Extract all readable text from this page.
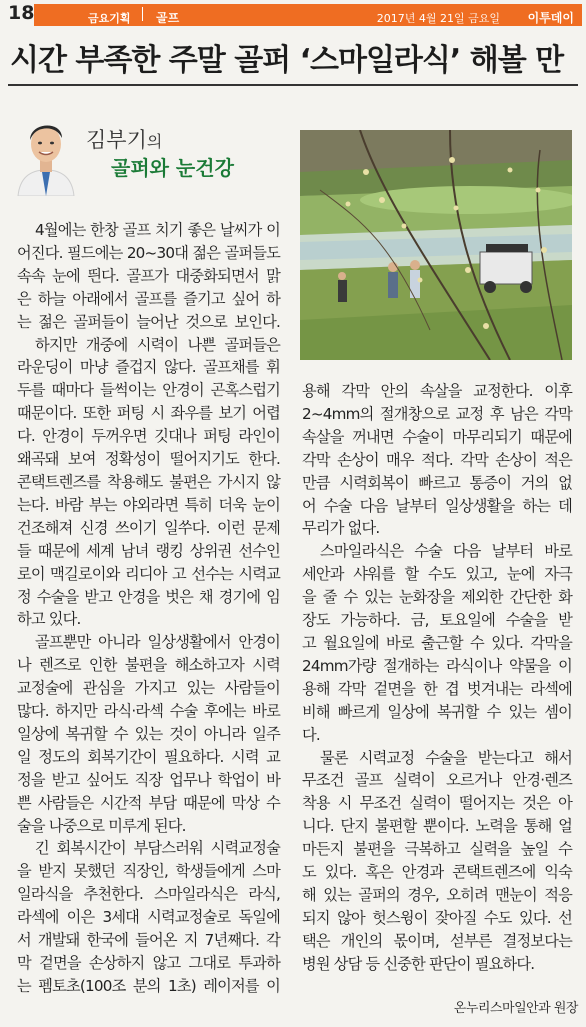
18	금요기획 골프	2017년 4월 21일 금요일 이투데이
시간 부족한 주말 골퍼 ‘스마일라식’ 해볼 만
김부기의
골퍼와 눈건강
4월에는 한창 골프 치기 좋은 날씨가 이
어진다. 필드에는 20~30대 젊은 골퍼들도
속속 눈에 띈다. 골프가 대중화되면서 맑
은 하늘 아래에서 골프를 즐기고 싶어 하
는 젊은 골퍼들이 늘어난 것으로 보인다.
하지만 개중에 시력이 나쁜 골퍼들은
라운딩이 마냥 즐겁지 않다. 골프채를 휘
두를 때마다 들썩이는 안경이 곤혹스럽기
때문이다. 또한 퍼팅 시 좌우를 보기 어렵
다. 안경이 두꺼우면 깃대나 퍼팅 라인이
왜곡돼 보여 정확성이 떨어지기도 한다.
콘택트렌즈를 착용해도 불편은 가시지 않
는다. 바람 부는 야외라면 특히 더욱 눈이
건조해져 신경 쓰이기 일쑤다. 이런 문제
들 때문에 세계 남녀 랭킹 상위권 선수인
로이 맥길로이와 리디아 고 선수는 시력교
정 수술을 받고 안경을 벗은 채 경기에 임
하고 있다.
골프뿐만 아니라 일상생활에서 안경이
나 렌즈로 인한 불편을 해소하고자 시력
교정술에 관심을 가지고 있는 사람들이
많다. 하지만 라식·라섹 수술 후에는 바로
일상에 복귀할 수 있는 것이 아니라 일주
일 정도의 회복기간이 필요하다. 시력 교
정을 받고 싶어도 직장 업무나 학업이 바
쁜 사람들은 시간적 부담 때문에 막상 수
술을 나중으로 미루게 된다.
긴 회복시간이 부담스러워 시력교정술
을 받지 못했던 직장인, 학생들에게 스마
일라식을 추천한다. 스마일라식은 라식,
라섹에 이은 3세대 시력교정술로 독일에
서 개발돼 한국에 들어온 지 7년째다. 각
막 겉면을 손상하지 않고 그대로 투과하
는 펨토초(100조 분의 1초) 레이저를 이
용해 각막 안의 속살을 교정한다. 이후
2~4mm의 절개창으로 교정 후 남은 각막
속살을 꺼내면 수술이 마무리되기 때문에
각막 손상이 매우 적다. 각막 손상이 적은
만큼 시력회복이 빠르고 통증이 거의 없
어 수술 다음 날부터 일상생활을 하는 데
무리가 없다.
스마일라식은 수술 다음 날부터 바로
세안과 샤워를 할 수도 있고, 눈에 자극
을 줄 수 있는 눈화장을 제외한 간단한 화
장도 가능하다. 금, 토요일에 수술을 받
고 월요일에 바로 출근할 수 있다. 각막을
24mm가량 절개하는 라식이나 약물을 이
용해 각막 겉면을 한 겹 벗겨내는 라섹에
비해 빠르게 일상에 복귀할 수 있는 셈이
다.
물론 시력교정 수술을 받는다고 해서
무조건 골프 실력이 오르거나 안경·렌즈
착용 시 무조건 실력이 떨어지는 것은 아
니다. 단지 불편할 뿐이다. 노력을 통해 얼
마든지 불편을 극복하고 실력을 높일 수
도 있다. 혹은 안경과 콘택트렌즈에 익숙
해 있는 골퍼의 경우, 오히려 맨눈이 적응
되지 않아 헛스윙이 잦아질 수도 있다. 선
택은 개인의 몫이며, 섣부른 결정보다는
병원 상담 등 신중한 판단이 필요하다.
온누리스마일안과 원장
